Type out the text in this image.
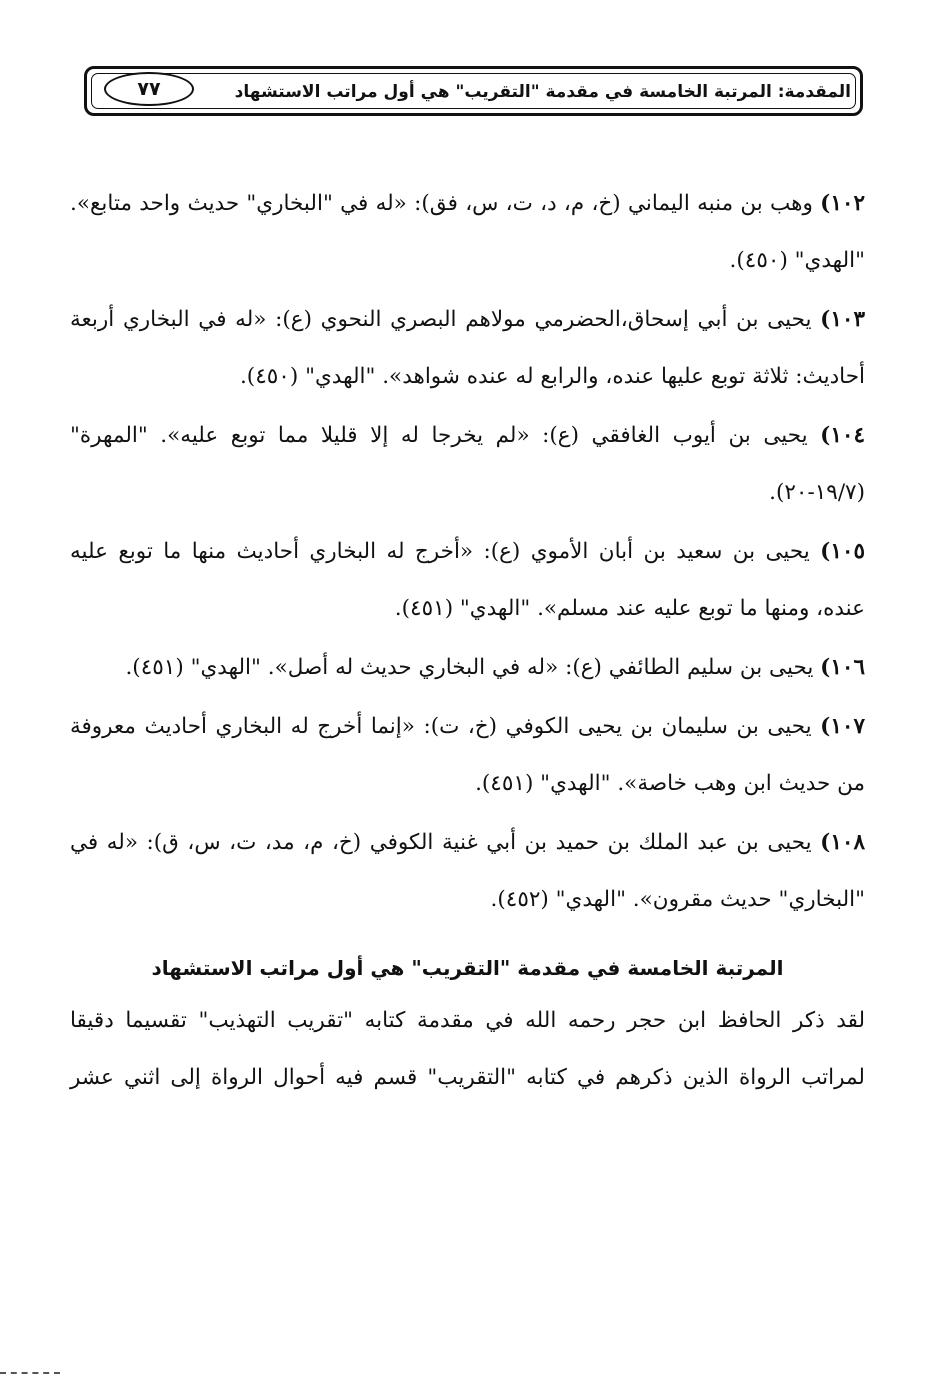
المقدمة: المرتبة الخامسة في مقدمة "التقريب" هي أول مراتب الاستشهاد
٧٧

١٠٢) وهب بن منبه اليماني (خ، م، د، ت، س، فق): «له في "البخاري" حديث واحد متابع». "الهدي" (٤٥٠).

١٠٣) يحيى بن أبي إسحاق،الحضرمي مولاهم البصري النحوي (ع): «له في البخاري أربعة أحاديث: ثلاثة توبع عليها عنده، والرابع له عنده شواهد». "الهدي" (٤٥٠).

١٠٤) يحيى بن أيوب الغافقي (ع): «لم يخرجا له إلا قليلا مما توبع عليه». "المهرة" (١٩/٧-٢٠).

١٠٥) يحيى بن سعيد بن أبان الأموي (ع): «أخرج له البخاري أحاديث منها ما توبع عليه عنده، ومنها ما توبع عليه عند مسلم». "الهدي" (٤٥١).

١٠٦) يحيى بن سليم الطائفي (ع): «له في البخاري حديث له أصل». "الهدي" (٤٥١).

١٠٧) يحيى بن سليمان بن يحيى الكوفي (خ، ت): «إنما أخرج له البخاري أحاديث معروفة من حديث ابن وهب خاصة». "الهدي" (٤٥١).

١٠٨) يحيى بن عبد الملك بن حميد بن أبي غنية الكوفي (خ، م، مد، ت، س، ق): «له في "البخاري" حديث مقرون». "الهدي" (٤٥٢).

المرتبة الخامسة في مقدمة "التقريب" هي أول مراتب الاستشهاد

لقد ذكر الحافظ ابن حجر رحمه الله في مقدمة كتابه "تقريب التهذيب" تقسيما دقيقا

لمراتب الرواة الذين ذكرهم في كتابه "التقريب" قسم فيه أحوال الرواة إلى اثني عشر
